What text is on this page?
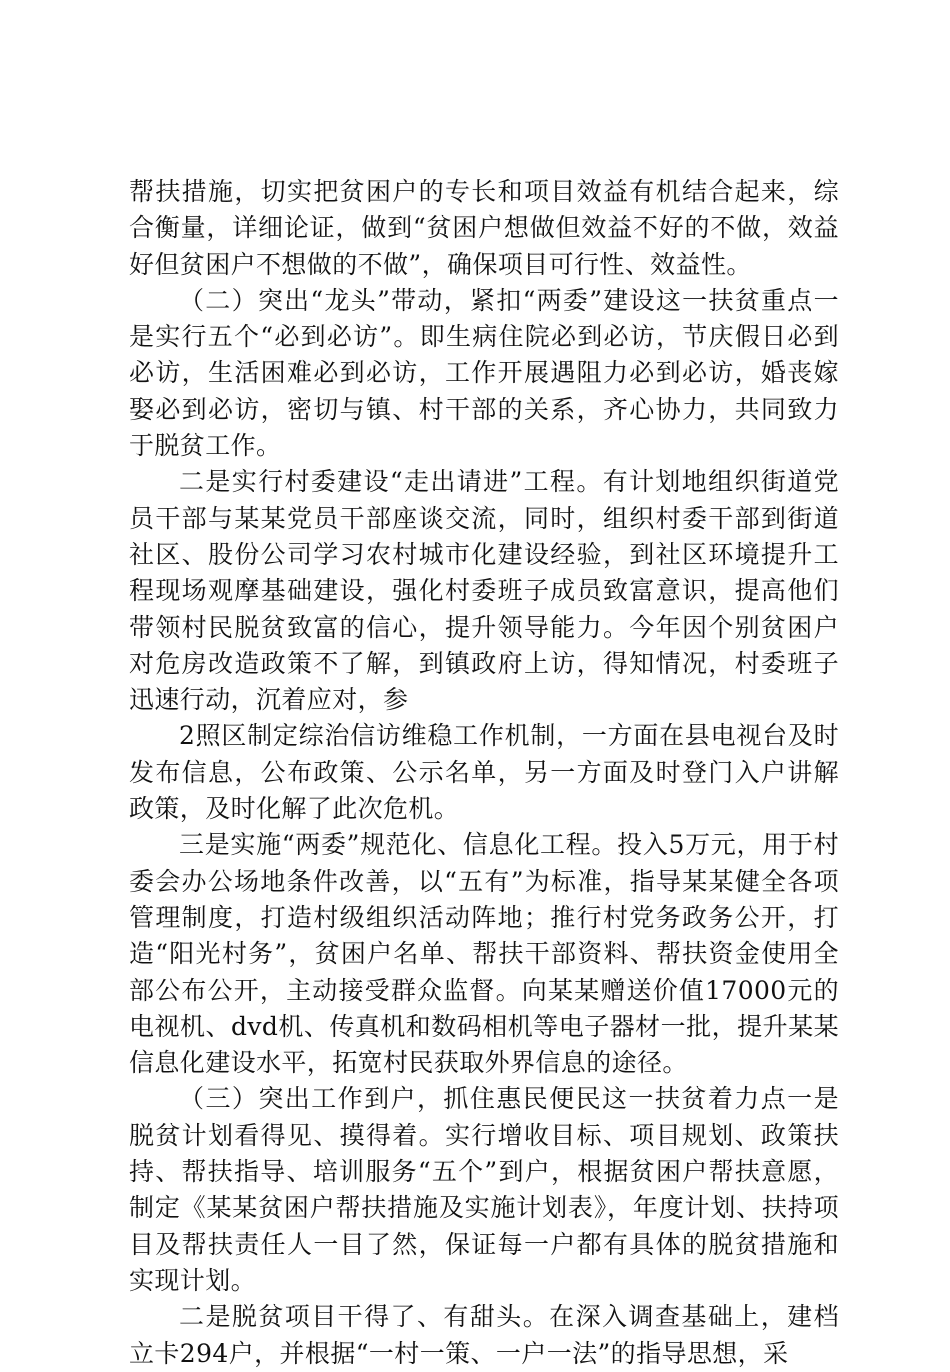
帮扶措施，切实把贫困户的专长和项目效益有机结合起来，综合衡量，详细论证，做到“贫困户想做但效益不好的不做，效益好但贫困户不想做的不做”，确保项目可行性、效益性。

（二）突出“龙头”带动，紧扣“两委”建设这一扶贫重点一是实行五个“必到必访”。即生病住院必到必访，节庆假日必到必访，生活困难必到必访，工作开展遇阻力必到必访，婚丧嫁娶必到必访，密切与镇、村干部的关系，齐心协力，共同致力于脱贫工作。

二是实行村委建设“走出请进”工程。有计划地组织街道党员干部与某某党员干部座谈交流，同时，组织村委干部到街道社区、股份公司学习农村城市化建设经验，到社区环境提升工程现场观摩基础建设，强化村委班子成员致富意识，提高他们带领村民脱贫致富的信心，提升领导能力。今年因个别贫困户对危房改造政策不了解，到镇政府上访，得知情况，村委班子迅速行动，沉着应对，参

2照区制定综治信访维稳工作机制，一方面在县电视台及时发布信息，公布政策、公示名单，另一方面及时登门入户讲解政策，及时化解了此次危机。

三是实施“两委”规范化、信息化工程。投入5万元，用于村委会办公场地条件改善，以“五有”为标准，指导某某健全各项管理制度，打造村级组织活动阵地；推行村党务政务公开，打造“阳光村务”，贫困户名单、帮扶干部资料、帮扶资金使用全部公布公开，主动接受群众监督。向某某赠送价值17000元的电视机、dvd机、传真机和数码相机等电子器材一批，提升某某信息化建设水平，拓宽村民获取外界信息的途径。

（三）突出工作到户，抓住惠民便民这一扶贫着力点一是脱贫计划看得见、摸得着。实行增收目标、项目规划、政策扶持、帮扶指导、培训服务“五个”到户，根据贫困户帮扶意愿，制定《某某贫困户帮扶措施及实施计划表》，年度计划、扶持项目及帮扶责任人一目了然，保证每一户都有具体的脱贫措施和实现计划。

二是脱贫项目干得了、有甜头。在深入调查基础上，建档立卡294户，并根据“一村一策、一户一法”的指导思想，采
